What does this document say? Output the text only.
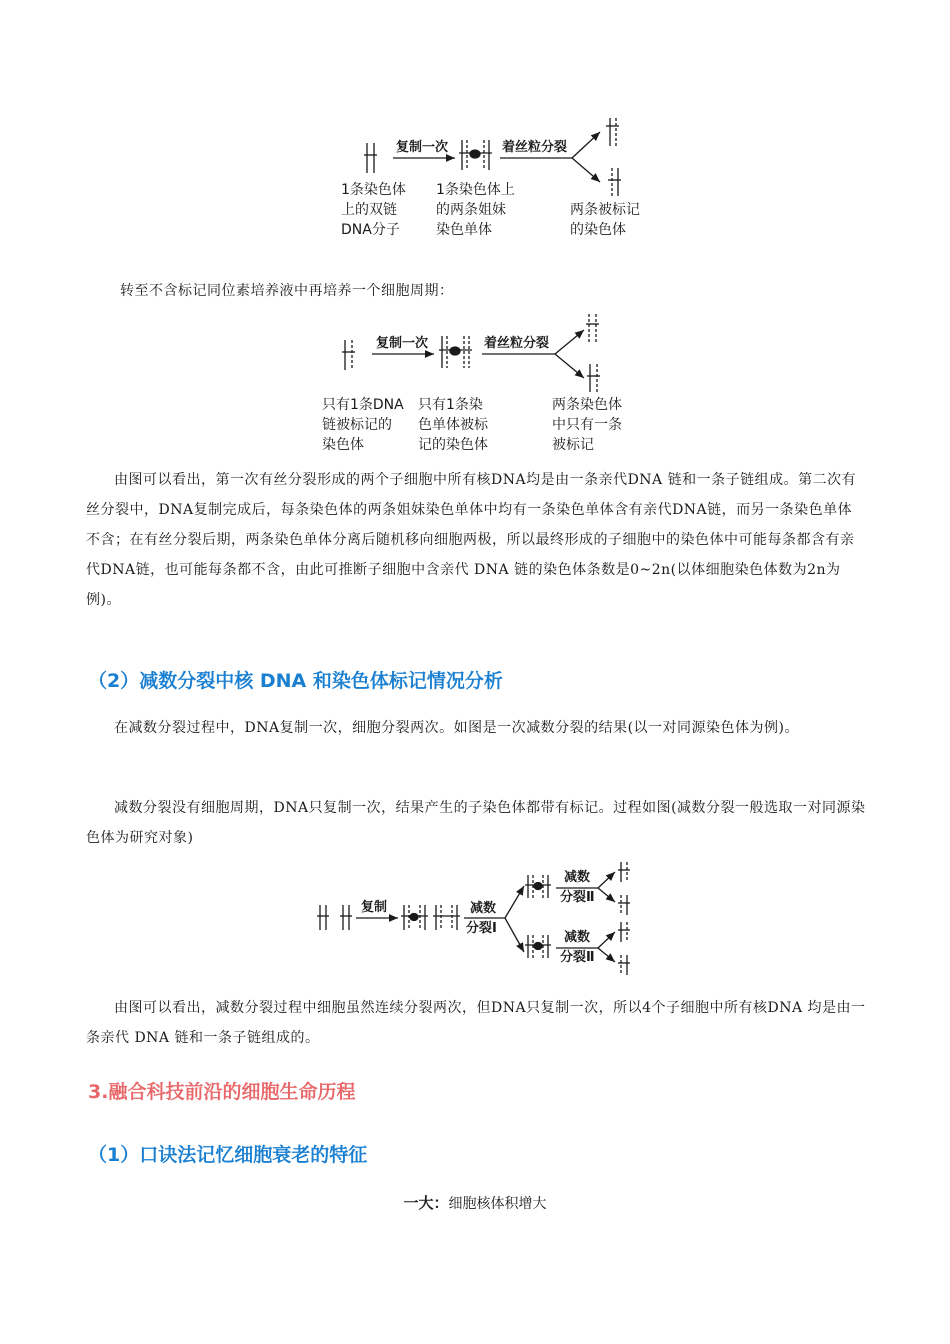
复制一次	着丝粒分裂
1条染色体
上的双链
DNA分子
1条染色体上
的两条姐妹
染色单体
两条被标记
的染色体
复制一次	着丝粒分裂
只有1条DNA
链被标记的
染色体
只有1条染
色单体被标
记的染色体
两条染色体
中只有一条
被标记
复制	减数
分裂Ⅰ
减数
分裂Ⅱ
减数
分裂Ⅱ

转至不含标记同位素培养液中再培养一个细胞周期：

由图可以看出，第一次有丝分裂形成的两个子细胞中所有核DNA均是由一条亲代DNA 链和一条子链组成。第二次有丝分裂中，DNA复制完成后，每条染色体的两条姐妹染色单体中均有一条染色单体含有亲代DNA链，而另一条染色单体不含；在有丝分裂后期，两条染色单体分离后随机移向细胞两极，所以最终形成的子细胞中的染色体中可能每条都含有亲代DNA链，也可能每条都不含，由此可推断子细胞中含亲代 DNA 链的染色体条数是0~2n(以体细胞染色体数为2n为例)。

（2）减数分裂中核 DNA 和染色体标记情况分析

在减数分裂过程中，DNA复制一次，细胞分裂两次。如图是一次减数分裂的结果(以一对同源染色体为例)。

减数分裂没有细胞周期，DNA只复制一次，结果产生的子染色体都带有标记。过程如图(减数分裂一般选取一对同源染色体为研究对象)

由图可以看出，减数分裂过程中细胞虽然连续分裂两次，但DNA只复制一次，所以4个子细胞中所有核DNA 均是由一条亲代 DNA 链和一条子链组成的。

3.融合科技前沿的细胞生命历程
（1）口诀法记忆细胞衰老的特征

一大：细胞核体积增大
